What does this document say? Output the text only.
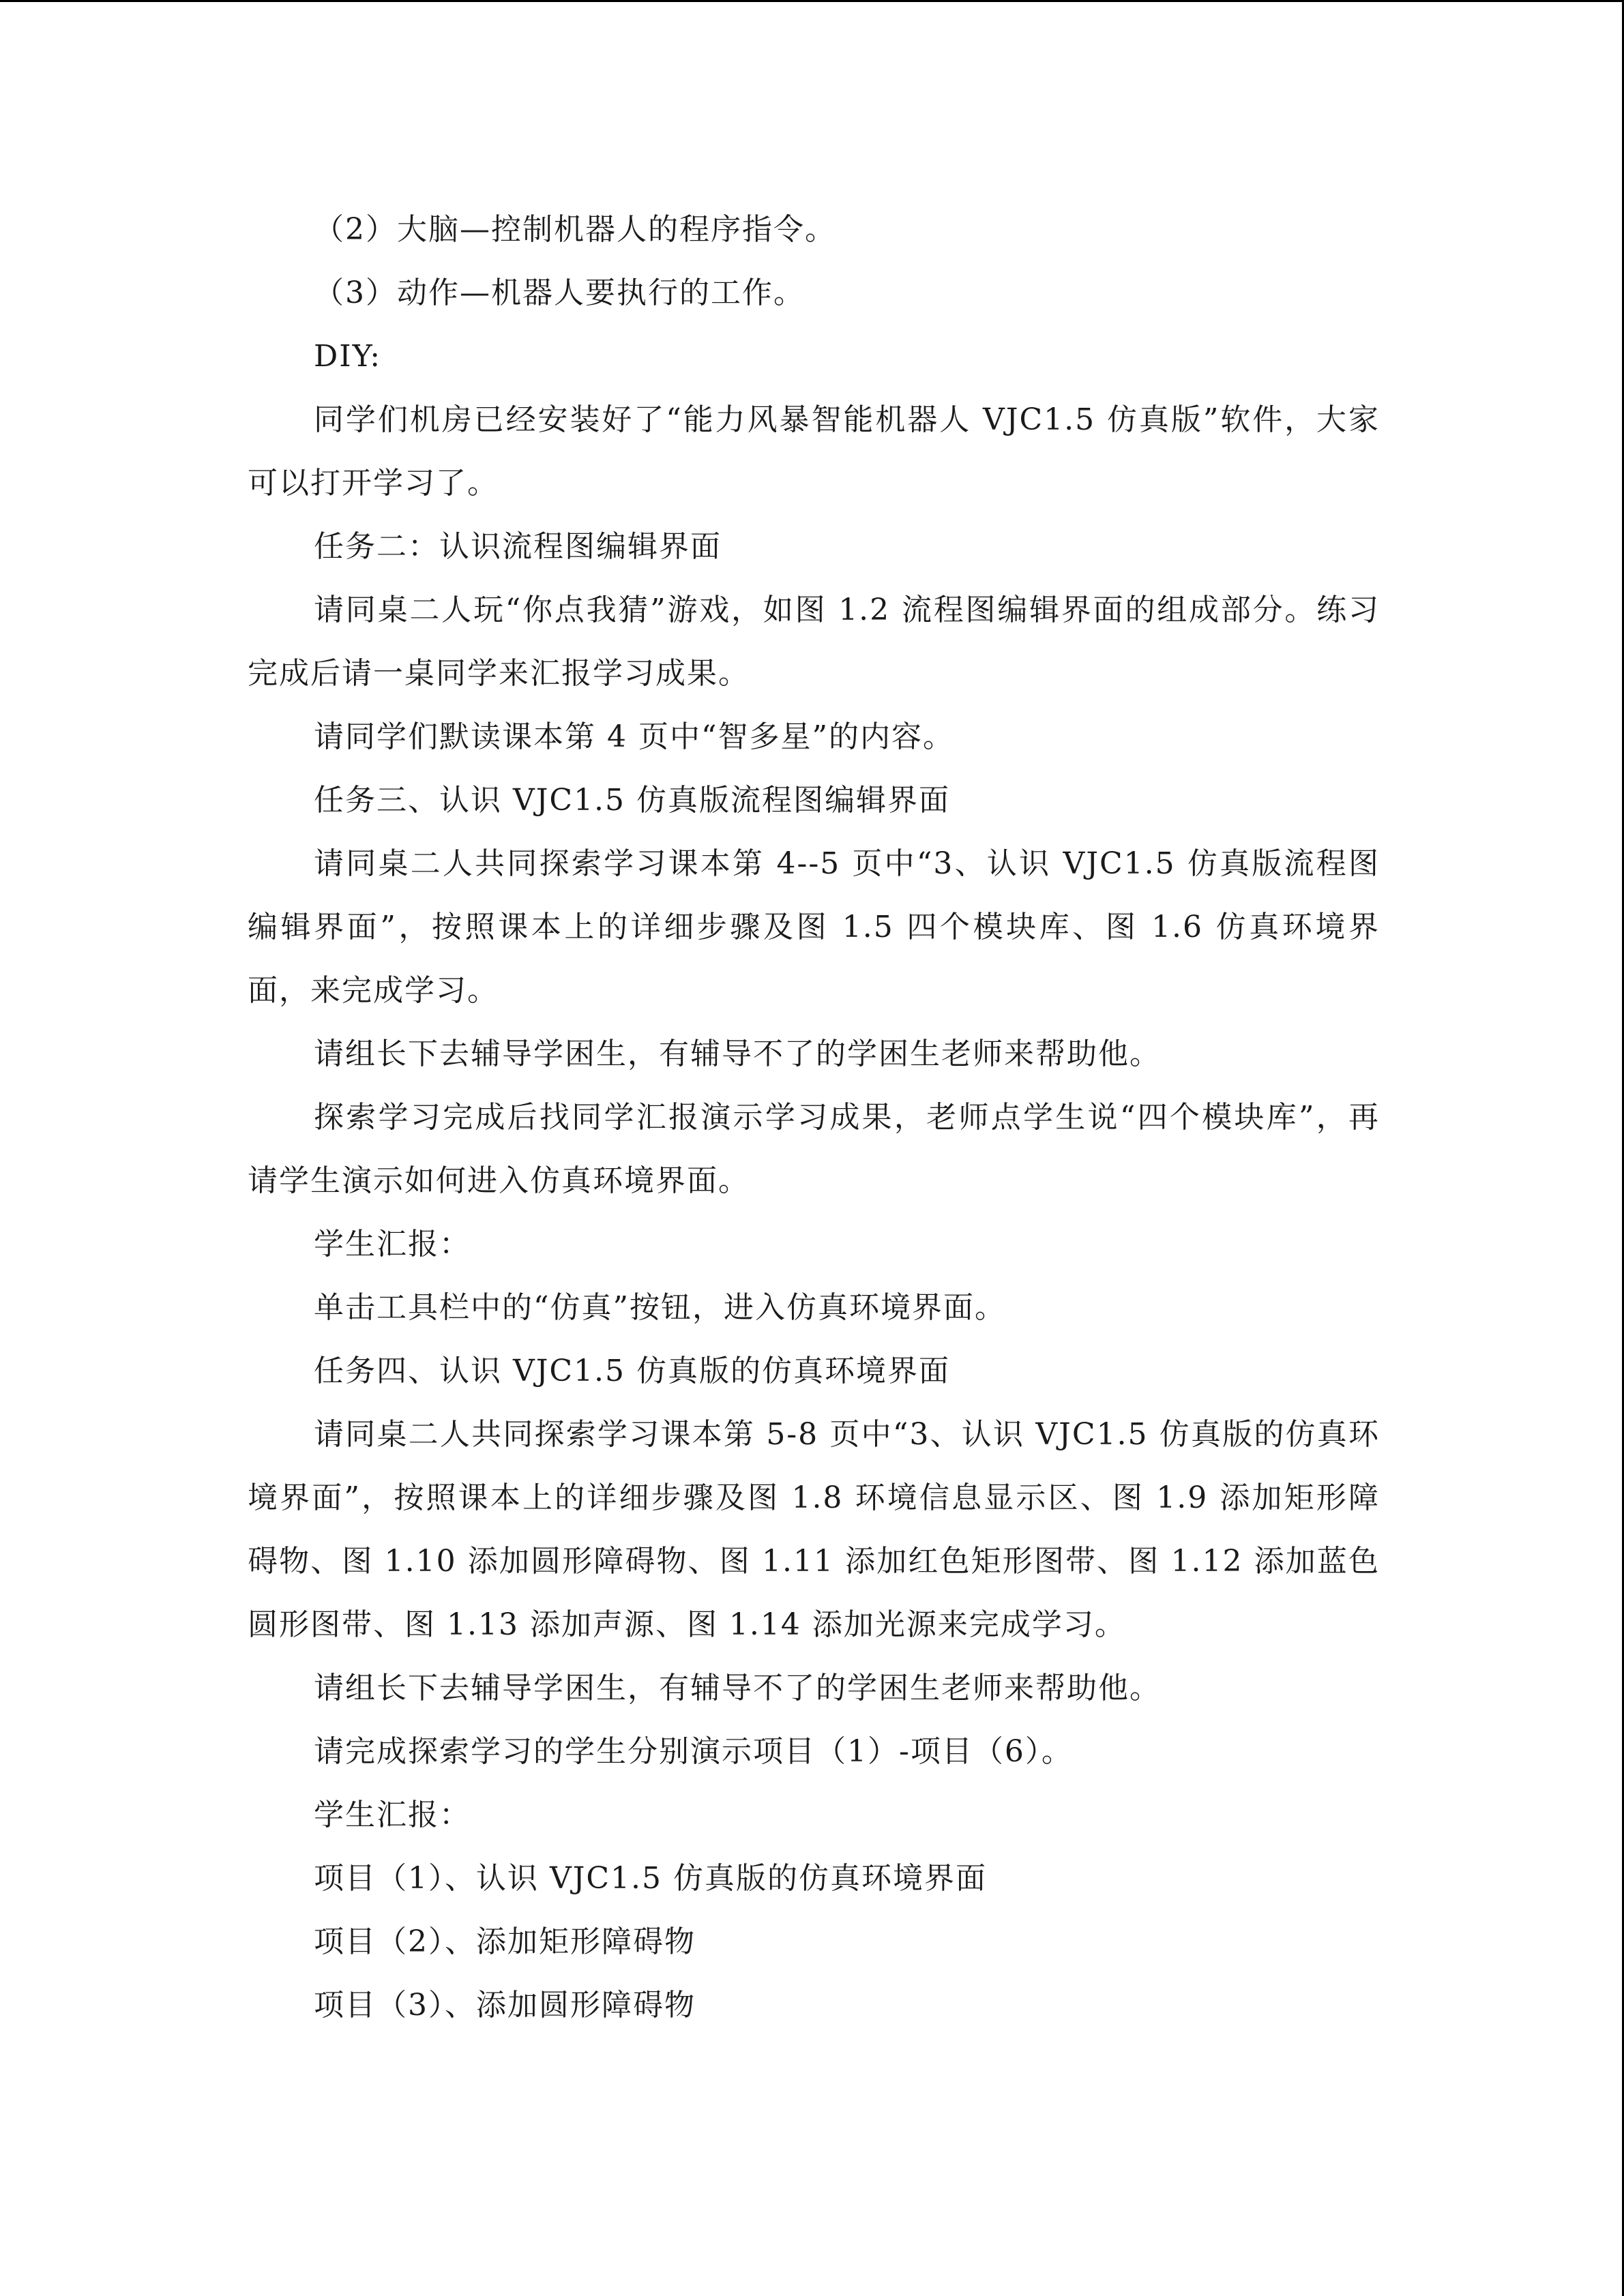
（2）大脑—控制机器人的程序指令。

（3）动作—机器人要执行的工作。

DIY:

同学们机房已经安装好了“能力风暴智能机器人 VJC1.5 仿真版”软件，大家可以打开学习了。

任务二：认识流程图编辑界面

请同桌二人玩“你点我猜”游戏，如图 1.2 流程图编辑界面的组成部分。练习完成后请一桌同学来汇报学习成果。

请同学们默读课本第 4 页中“智多星”的内容。

任务三、认识 VJC1.5 仿真版流程图编辑界面

请同桌二人共同探索学习课本第 4--5 页中“3、认识 VJC1.5 仿真版流程图编辑界面”，按照课本上的详细步骤及图 1.5 四个模块库、图 1.6 仿真环境界面，来完成学习。

请组长下去辅导学困生，有辅导不了的学困生老师来帮助他。

探索学习完成后找同学汇报演示学习成果，老师点学生说“四个模块库”，再请学生演示如何进入仿真环境界面。

学生汇报：

单击工具栏中的“仿真”按钮，进入仿真环境界面。

任务四、认识 VJC1.5 仿真版的仿真环境界面

请同桌二人共同探索学习课本第 5-8 页中“3、认识 VJC1.5 仿真版的仿真环境界面”，按照课本上的详细步骤及图 1.8 环境信息显示区、图 1.9 添加矩形障碍物、图 1.10 添加圆形障碍物、图 1.11 添加红色矩形图带、图 1.12 添加蓝色圆形图带、图 1.13 添加声源、图 1.14 添加光源来完成学习。

请组长下去辅导学困生，有辅导不了的学困生老师来帮助他。

请完成探索学习的学生分别演示项目（1）-项目（6）。

学生汇报：

项目（1）、认识 VJC1.5 仿真版的仿真环境界面

项目（2）、添加矩形障碍物

项目（3）、添加圆形障碍物
